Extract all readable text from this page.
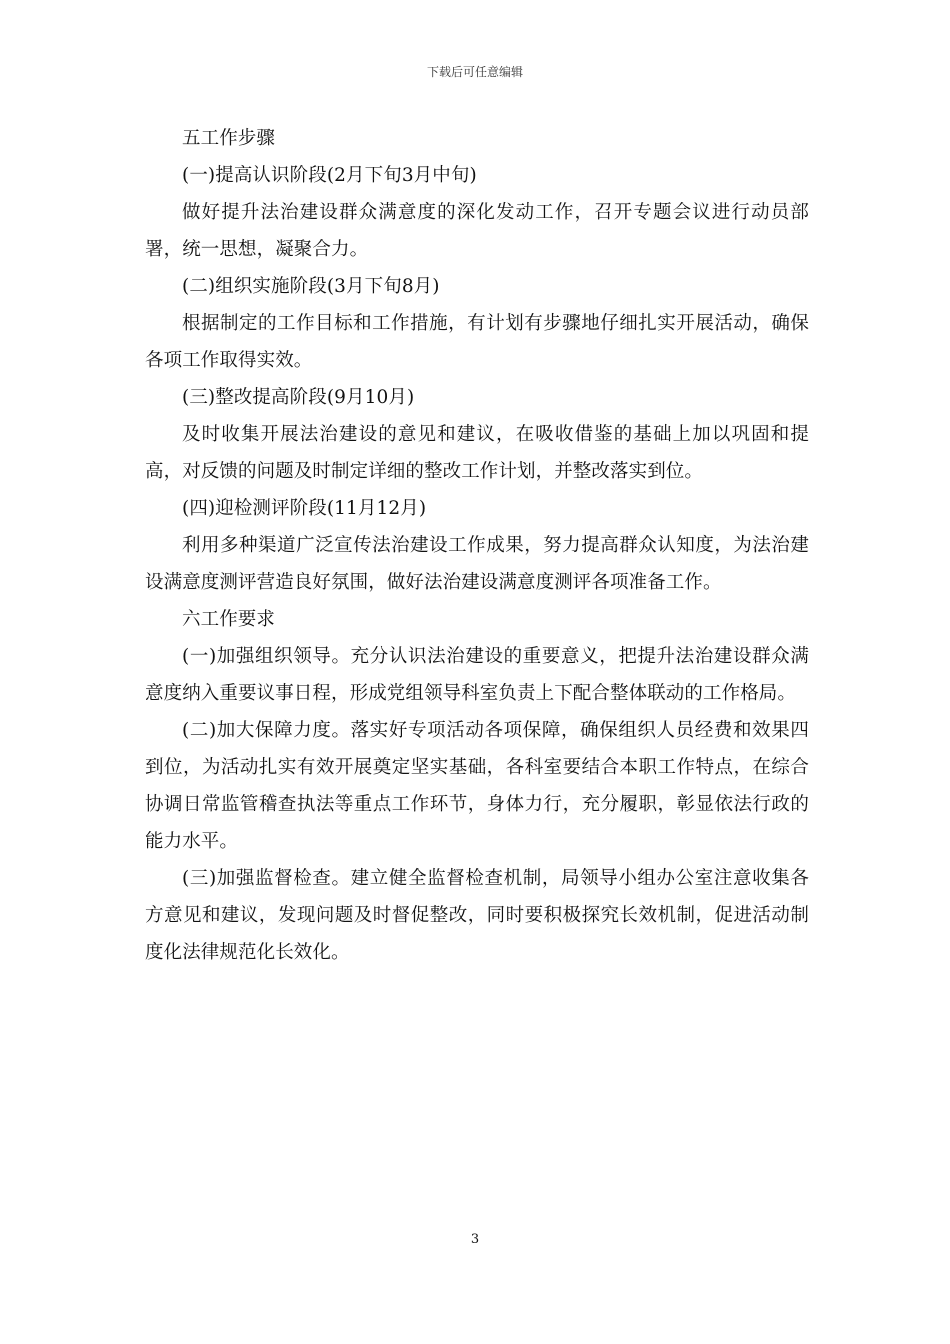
下载后可任意编辑

五工作步骤

(一)提高认识阶段(2月下旬3月中旬)

做好提升法治建设群众满意度的深化发动工作，召开专题会议进行动员部署，统一思想，凝聚合力。

(二)组织实施阶段(3月下旬8月)

根据制定的工作目标和工作措施，有计划有步骤地仔细扎实开展活动，确保各项工作取得实效。

(三)整改提高阶段(9月10月)

及时收集开展法治建设的意见和建议，在吸收借鉴的基础上加以巩固和提高，对反馈的问题及时制定详细的整改工作计划，并整改落实到位。

(四)迎检测评阶段(11月12月)

利用多种渠道广泛宣传法治建设工作成果，努力提高群众认知度，为法治建设满意度测评营造良好氛围，做好法治建设满意度测评各项准备工作。

六工作要求

(一)加强组织领导。充分认识法治建设的重要意义，把提升法治建设群众满意度纳入重要议事日程，形成党组领导科室负责上下配合整体联动的工作格局。

(二)加大保障力度。落实好专项活动各项保障，确保组织人员经费和效果四到位，为活动扎实有效开展奠定坚实基础，各科室要结合本职工作特点，在综合协调日常监管稽查执法等重点工作环节，身体力行，充分履职，彰显依法行政的能力水平。

(三)加强监督检查。建立健全监督检查机制，局领导小组办公室注意收集各方意见和建议，发现问题及时督促整改，同时要积极探究长效机制，促进活动制度化法律规范化长效化。

3
